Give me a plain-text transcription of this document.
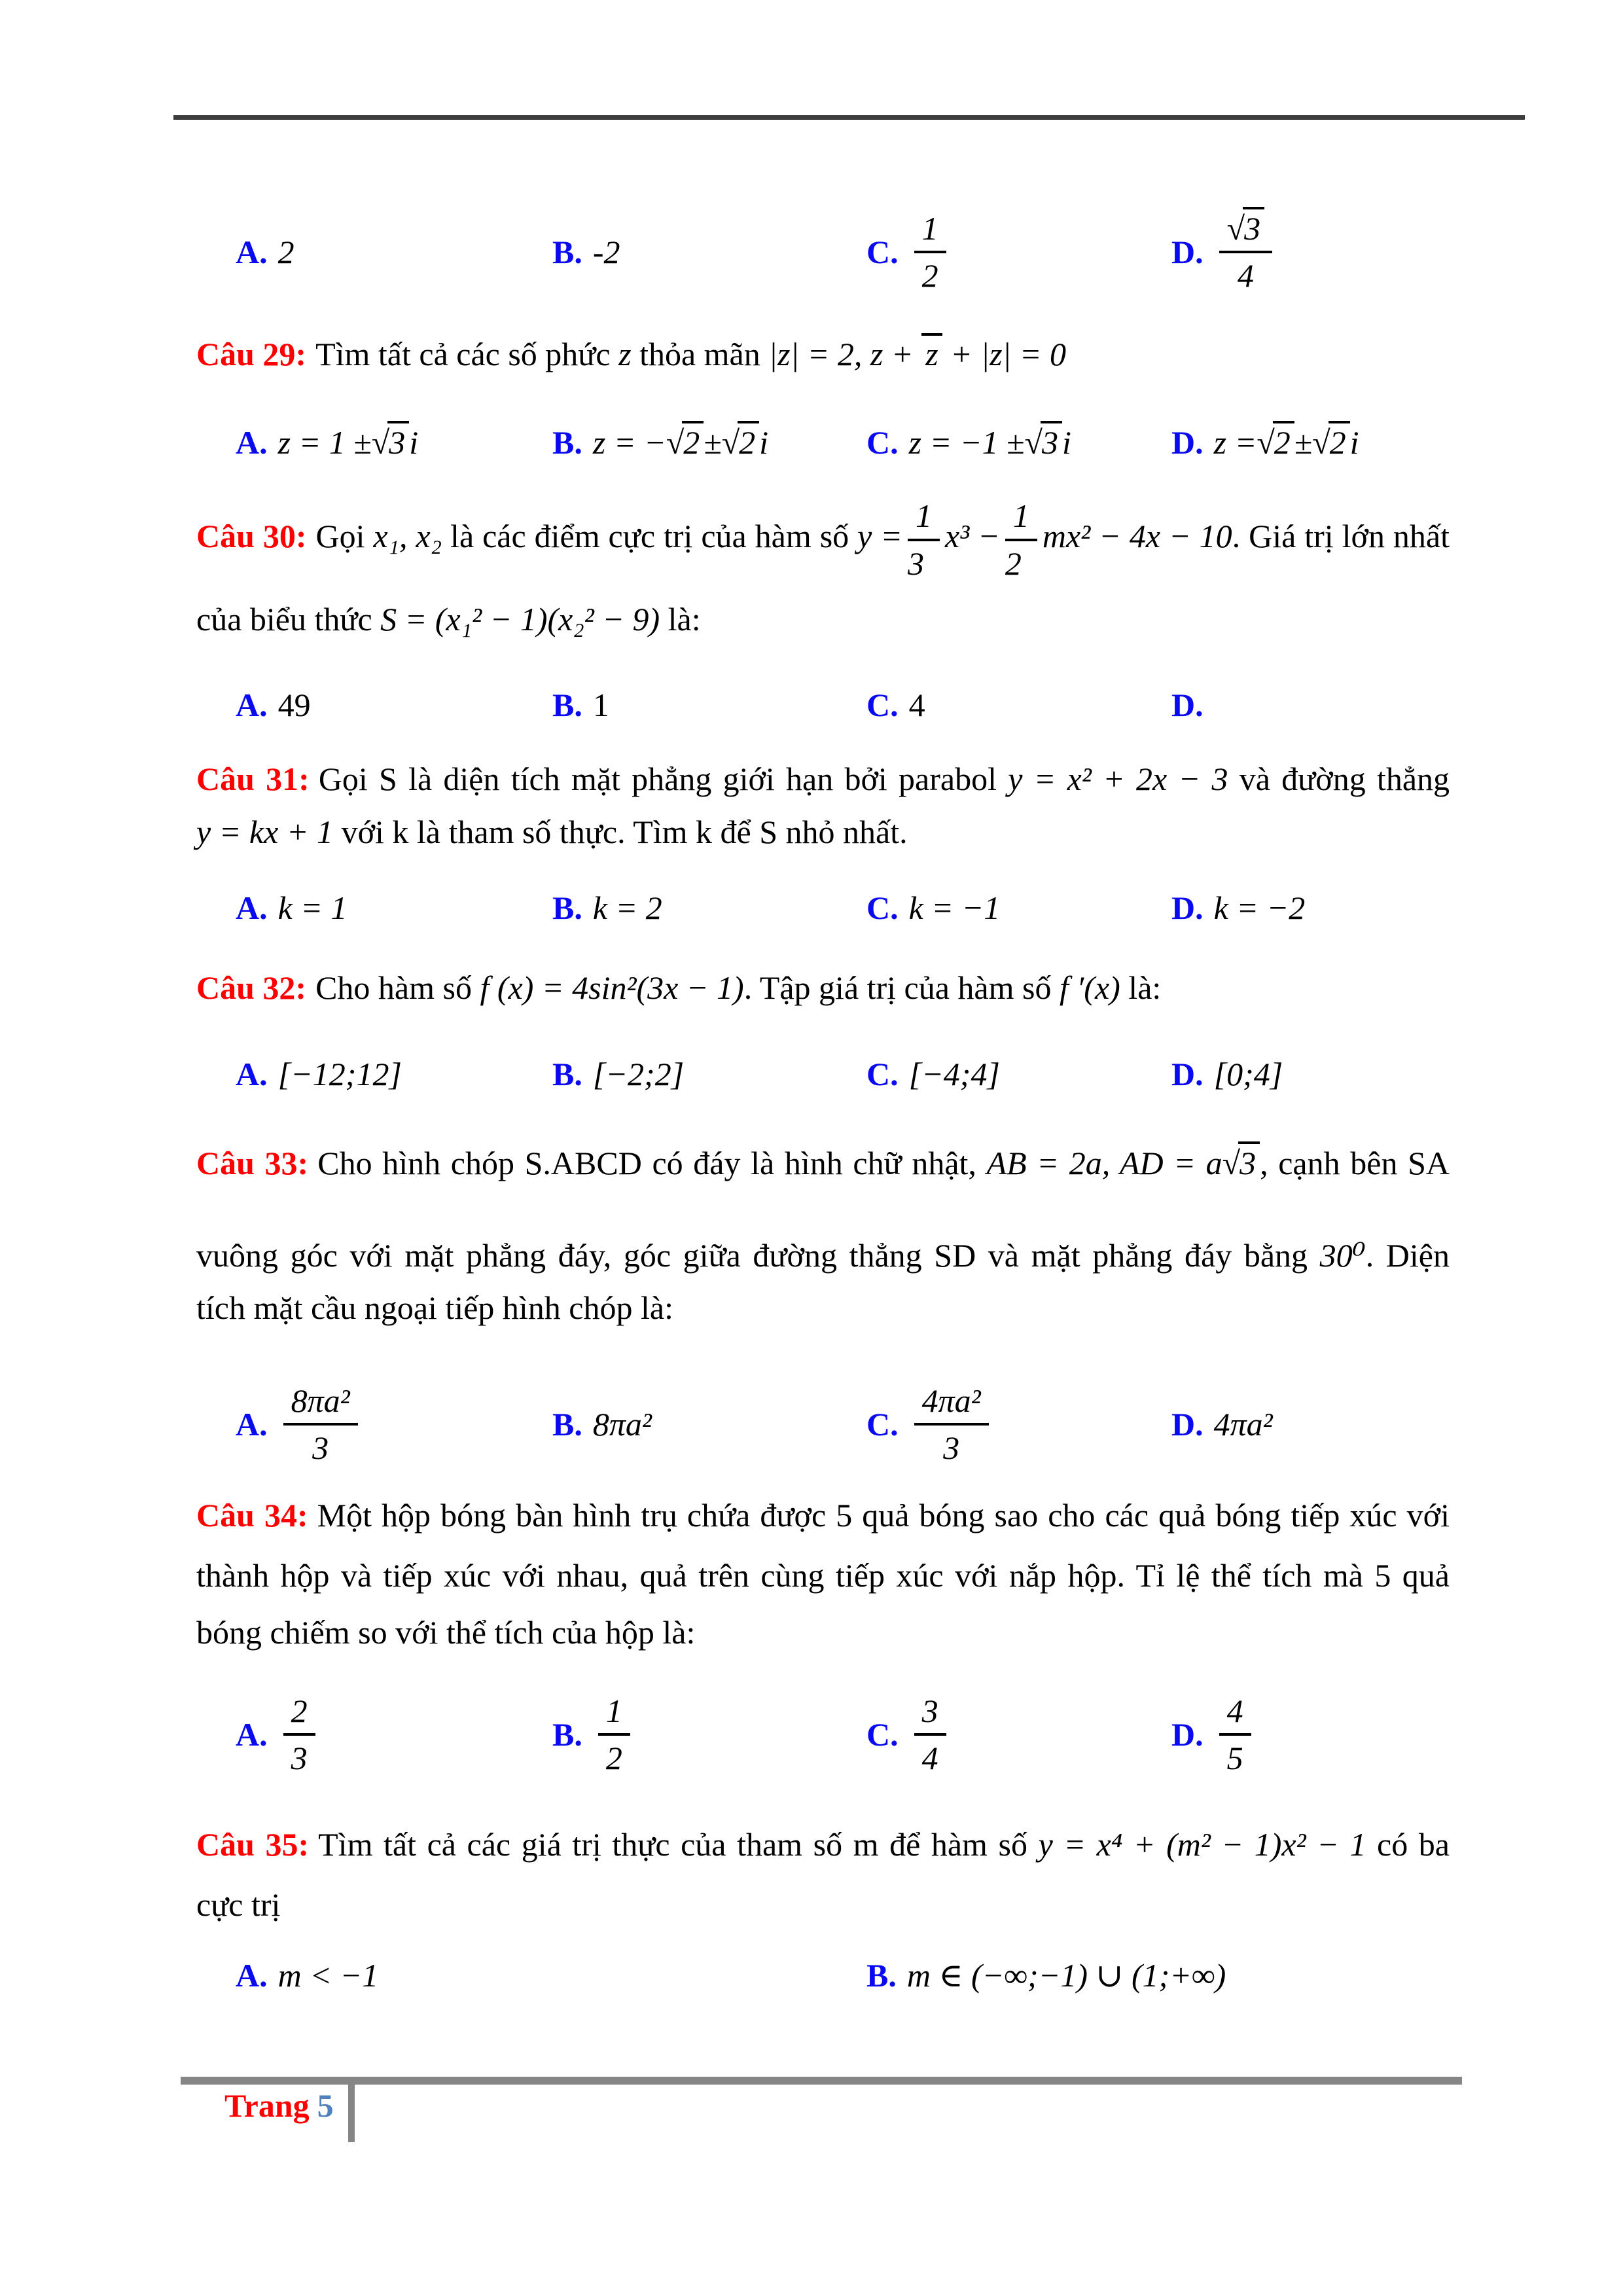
A. 2	B. -2	C. $\frac{1}{2}$	D. $\frac{√3}{4}$
Câu 29: Tìm tất cả các số phức z thỏa mãn |z| = 2, z + z + |z| = 0
A. z = 1 ±√3 i	B. z = −√2 ±√2 i	C. z = −1 ±√3 i	D. z =√2 ±√2 i
Câu 30: Gọi x₁, x₂ là các điểm cực trị của hàm số $y = \frac{1}{3} x^3 - \frac{1}{2} mx^2 - 4x - 10$. Giá trị lớn nhất
của biểu thức S = (x₁² − 1)(x₂² − 9) là:
A. 49	B. 1	C. 4	D.
Câu 31: Gọi S là diện tích mặt phẳng giới hạn bởi parabol y = x² + 2x − 3 và đường thẳng
y = kx + 1 với k là tham số thực. Tìm k để S nhỏ nhất.
A. k = 1	B. k = 2	C. k = −1	D. k = −2
Câu 32: Cho hàm số f (x) = 4sin²(3x − 1). Tập giá trị của hàm số f ′(x) là:
A. [−12;12]	B. [−2;2]	C. [−4;4]	D. [0;4]
Câu 33: Cho hình chóp S.ABCD có đáy là hình chữ nhật, AB = 2a, AD = a√3 , cạnh bên SA
vuông góc với mặt phẳng đáy, góc giữa đường thẳng SD và mặt phẳng đáy bằng 30⁰. Diện
tích mặt cầu ngoại tiếp hình chóp là:
A. $\frac{\text{8πa²}}{3}$	B. 8πa²	C. $\frac{\text{4πa²}}{3}$	D. 4πa²
Câu 34: Một hộp bóng bàn hình trụ chứa được 5 quả bóng sao cho các quả bóng tiếp xúc với
thành hộp và tiếp xúc với nhau, quả trên cùng tiếp xúc với nắp hộp. Tỉ lệ thể tích mà 5 quả
bóng chiếm so với thể tích của hộp là:
A. $\frac{2}{3}$	B. $\frac{1}{2}$	C. $\frac{3}{4}$	D. $\frac{4}{5}$
Câu 35: Tìm tất cả các giá trị thực của tham số m để hàm số y = x⁴ + (m² − 1)x² − 1 có ba
cực trị
A. m < −1	B. m ∈ (−∞;−1) ∪ (1;+∞)
Trang 5
